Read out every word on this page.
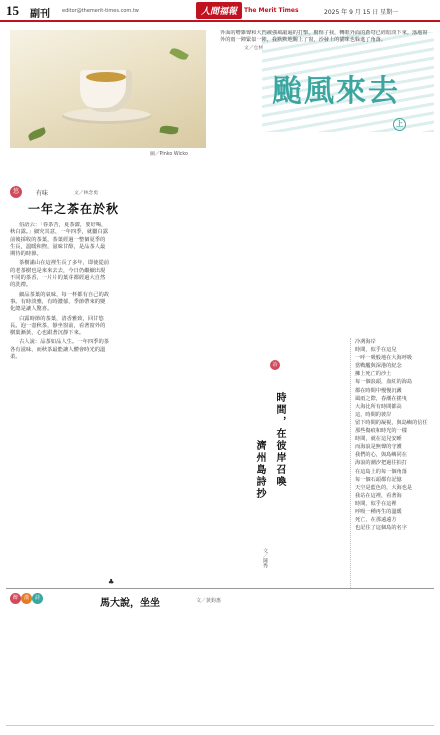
15 副刊 editor@themerit-times.com.tw	人間福報	The Merit Times	2025 年 9 月 15 日 星期一
圖／Pinko Wicko
外面的嘈雜聲和大門被強風敲遍的打擊，驚惶了我，轉眼外面的蒼穹已經暗淡下來。落地窗外的雨一陣緊似一陣，我默默地關上了窗，沙發上的貓咪也躲進了角落。
文／仓材
颱風來去
上
悠	有味	文／林念勇
一年之茶在於秋

俗語云：「春茶苦，夏茶澀，要好喝，秋白露。」細究其意，一年四季，就屬白露前後採收的茶葉，茶葉經過一整個夏季的生長，溫暖和煦，滋味甘醇，是品茶人最期待的時節。

茶樹滿山在這裡生長了多年，即使從前的老茶樹也是來來去去，今日仍繼續出現不同的茶香，一片片的葉芽都經過大自然的洗禮。

細品茶葉的氣味，每一杯都有自己的故事。有時淡雅，有時濃郁，季節帶來的變化總是讓人驚喜。

白露時節的茶葉，清香雅致，回甘悠長。泡一壺秋茶，靜坐窗前，看著窗外的樹葉漸黃，心也跟著沉靜下來。

古人說：品茶如品人生。一年四季的茶各有滋味，而秋茶最能讓人體會時光的溫柔。

♣
詩
時間，在彼岸召喚
濟州島詩抄
文／陳秀
冷冽海岸
時間，似乎在這兒
一呼一吸般地在大海呼吸
當戰艦與深港的紀念
擁上死亡的沙土
每一個浪頭，血紅的海島
都在時間中慢慢沉澱
風雨之際，春潮在搖曳
大海比所有時間都高
這，時間的彼岸
留下時間的凝視，與島嶼的信任
那些傷痕和時光的一樣
時間，就在這兒安睡
而海浪是無聲的守護
我們的心，與島嶼同在
海浪的潮汐把過往拍打
在這島上的每一個角落
每一個石頭都有記憶
天空是藍色的，大海也是
我站在這裡，看著海
時間，似乎在這裡
呼吸一種再生的溫暖
死亡，在那遠遠方
也記住了這個島的名字
醉	漢	詩	馬大說，坐坐	文／黃鈞惠
